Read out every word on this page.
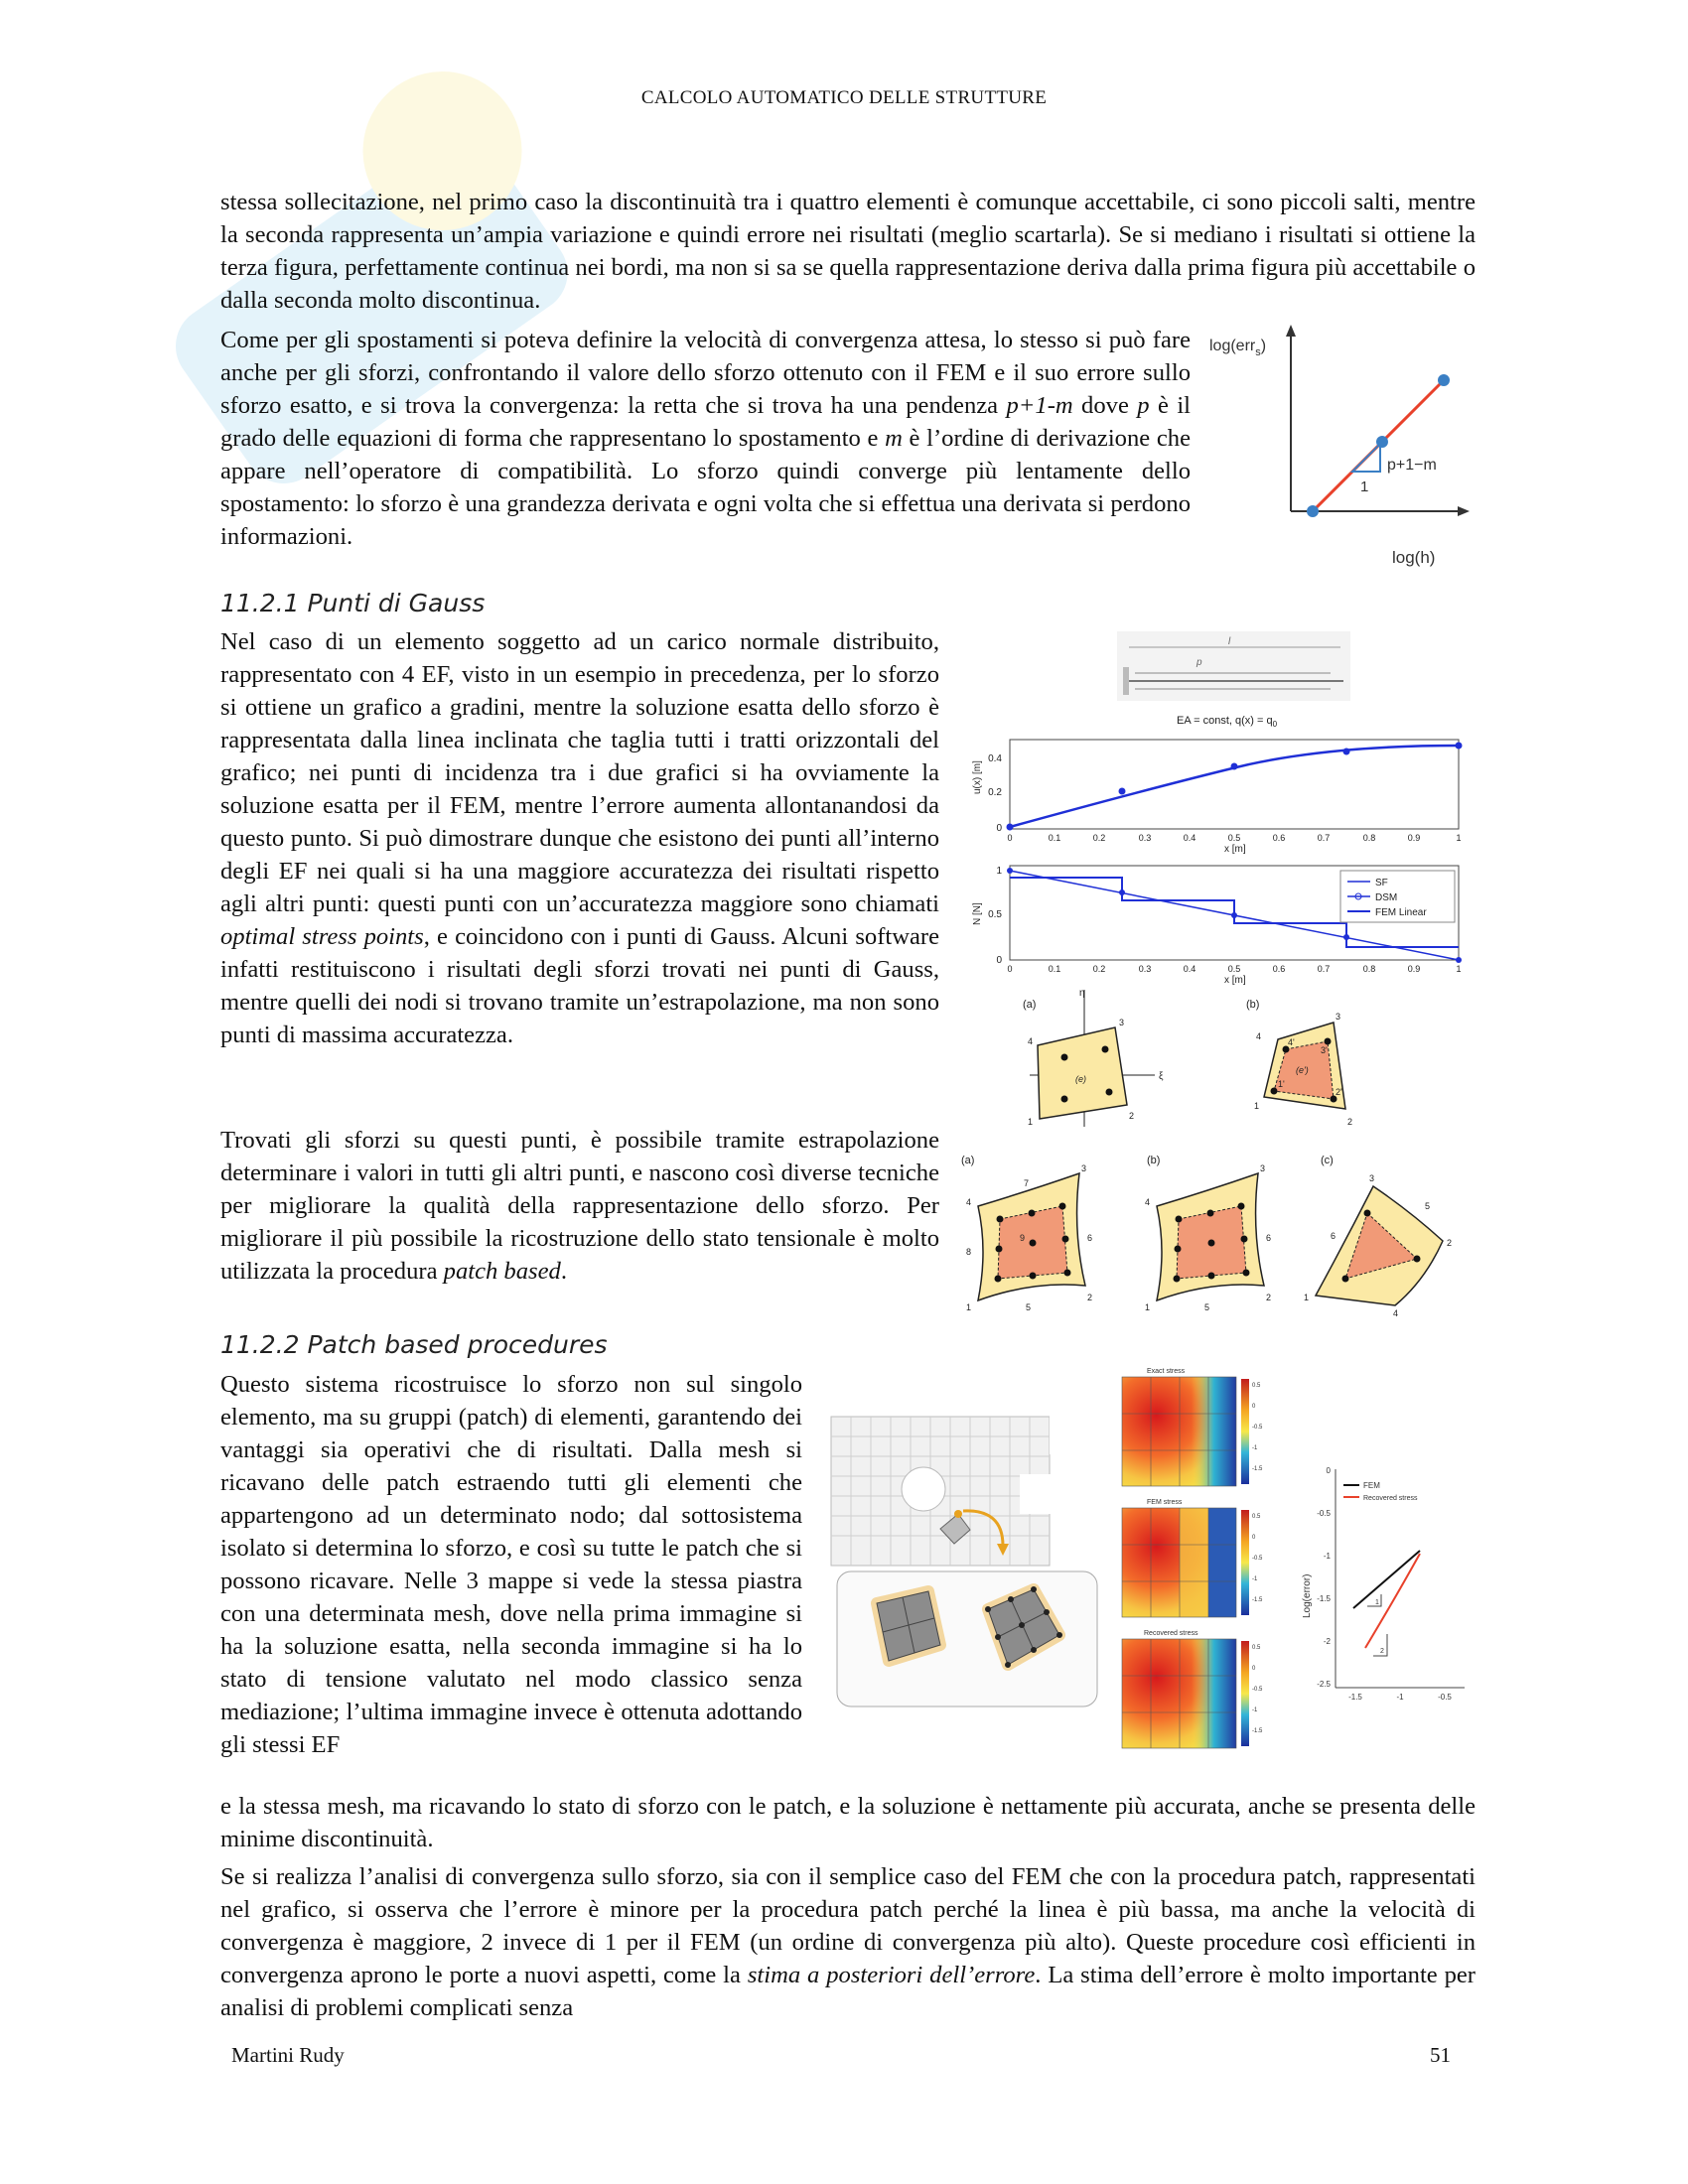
CALCOLO AUTOMATICO DELLE STRUTTURE

stessa sollecitazione, nel primo caso la discontinuità tra i quattro elementi è comunque accettabile, ci sono piccoli salti, mentre la seconda rappresenta un’ampia variazione e quindi errore nei risultati (meglio scartarla). Se si mediano i risultati si ottiene la terza figura, perfettamente continua nei bordi, ma non si sa se quella rappresentazione deriva dalla prima figura più accettabile o dalla seconda molto discontinua.

Come per gli spostamenti si poteva definire la velocità di convergenza attesa, lo stesso si può fare anche per gli sforzi, confrontando il valore dello sforzo ottenuto con il FEM e il suo errore sullo sforzo esatto, e si trova la convergenza: la retta che si trova ha una pendenza p+1-m dove p è il grado delle equazioni di forma che rappresentano lo spostamento e m è l’ordine di derivazione che appare nell’operatore di compatibilità. Lo sforzo quindi converge più lentamente dello spostamento: lo sforzo è una grandezza derivata e ogni volta che si effettua una derivata si perdono informazioni.

log(err$_s$)
p+1−m
1
log(h)
11.2.1 Punti di Gauss

Nel caso di un elemento soggetto ad un carico normale distribuito, rappresentato con 4 EF, visto in un esempio in precedenza, per lo sforzo si ottiene un grafico a gradini, mentre la soluzione esatta dello sforzo è rappresentata dalla linea inclinata che taglia tutti i tratti orizzontali del grafico; nei punti di incidenza tra i due grafici si ha ovviamente la soluzione esatta per il FEM, mentre l’errore aumenta allontanandosi da questo punto. Si può dimostrare dunque che esistono dei punti all’interno degli EF nei quali si ha una maggiore accuratezza dei risultati rispetto agli altri punti: questi punti con un’accuratezza maggiore sono chiamati optimal stress points, e coincidono con i punti di Gauss. Alcuni software infatti restituiscono i risultati degli sforzi trovati nei punti di Gauss, mentre quelli dei nodi si trovano tramite un’estrapolazione, ma non sono punti di massima accuratezza.

Trovati gli sforzi su questi punti, è possibile tramite estrapolazione determinare i valori in tutti gli altri punti, e nascono così diverse tecniche per migliorare la qualità della rappresentazione dello sforzo. Per migliorare il più possibile la ricostruzione dello stato tensionale è molto utilizzata la procedura patch based.

l
p
EA = const, $q(x) = q_0$
u(x) [m]
0
0.2
0.4
0	0.1	0.2	0.3	0.4	0.5	0.6	0.7	0.8	0.9	1
x [m]
N [N]
0
0.5
1
SF
DSM
FEM Linear
0	0.1	0.2	0.3	0.4	0.5	0.6	0.7	0.8	0.9	1
x [m]
(a)	(b)
η
ξ
(e)
1
2
3
4
(e')
1'
2'
3'
4'
1
2
3
4
(a)	(b)	(c)
1	5
2
3
7
4
8
6
9
1	5
2
3
4
6
1
2
3
4
5
6
11.2.2 Patch based procedures

Questo sistema ricostruisce lo sforzo non sul singolo elemento, ma su gruppi (patch) di elementi, garantendo dei vantaggi sia operativi che di risultati. Dalla mesh si ricavano delle patch estraendo tutti gli elementi che appartengono ad un determinato nodo; dal sottosistema isolato si determina lo sforzo, e così su tutte le patch che si possono ricavare. Nelle 3 mappe si vede la stessa piastra con una determinata mesh, dove nella prima immagine si ha la soluzione esatta, nella seconda immagine si ha lo stato di tensione valutato nel modo classico senza mediazione; l’ultima immagine invece è ottenuta adottando gli stessi EF

Exact stress
0.5
0
-0.5
-1
-1.5
FEM stress
0.5
0
-0.5
-1
-1.5
Recovered stress
0.5
0
-0.5
-1
-1.5
Log(error)
0
-0.5
-1
-1.5
-2
-2.5
-1.5	-1	-0.5
FEM
Recovered stress
1
2

e la stessa mesh, ma ricavando lo stato di sforzo con le patch, e la soluzione è nettamente più accurata, anche se presenta delle minime discontinuità.

Se si realizza l’analisi di convergenza sullo sforzo, sia con il semplice caso del FEM che con la procedura patch, rappresentati nel grafico, si osserva che l’errore è minore per la procedura patch perché la linea è più bassa, ma anche la velocità di convergenza è maggiore, 2 invece di 1 per il FEM (un ordine di convergenza più alto). Queste procedure così efficienti in convergenza aprono le porte a nuovi aspetti, come la stima a posteriori dell’errore. La stima dell’errore è molto importante per analisi di problemi complicati senza

Martini Rudy	51
